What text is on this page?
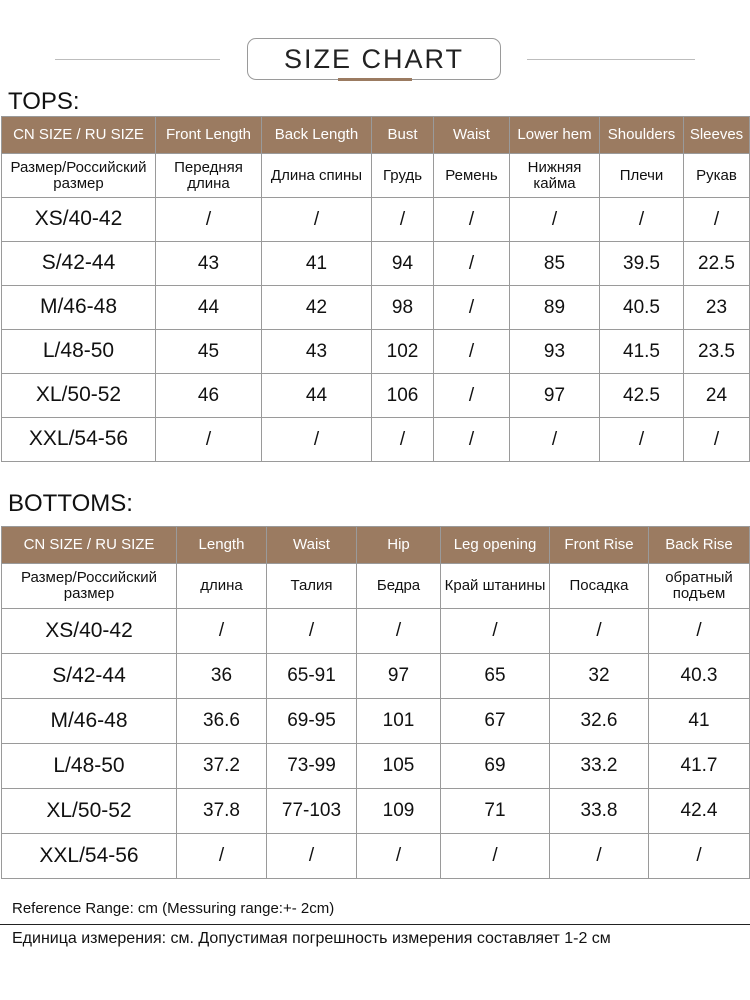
SIZE CHART
TOPS:
CN SIZE / RU SIZE	Front Length	Back Length	Bust	Waist	Lower hem	Shoulders	Sleeves
Размер/Российский размер	Передняя длина	Длина спины	Грудь	Ремень	Нижняя кайма	Плечи	Рукав
XS/40-42	/	/	/	/	/	/	/
S/42-44	43	41	94	/	85	39.5	22.5
M/46-48	44	42	98	/	89	40.5	23
L/48-50	45	43	102	/	93	41.5	23.5
XL/50-52	46	44	106	/	97	42.5	24
XXL/54-56	/	/	/	/	/	/	/
BOTTOMS:
CN SIZE / RU SIZE	Length	Waist	Hip	Leg opening	Front Rise	Back Rise
Размер/Российский размер	длина	Талия	Бедра	Край штанины	Посадка	обратный подъем
XS/40-42	/	/	/	/	/	/
S/42-44	36	65-91	97	65	32	40.3
M/46-48	36.6	69-95	101	67	32.6	41
L/48-50	37.2	73-99	105	69	33.2	41.7
XL/50-52	37.8	77-103	109	71	33.8	42.4
XXL/54-56	/	/	/	/	/	/
Reference Range: cm (Messuring range:+- 2cm)
Единица измерения: см. Допустимая погрешность измерения составляет 1-2 см
